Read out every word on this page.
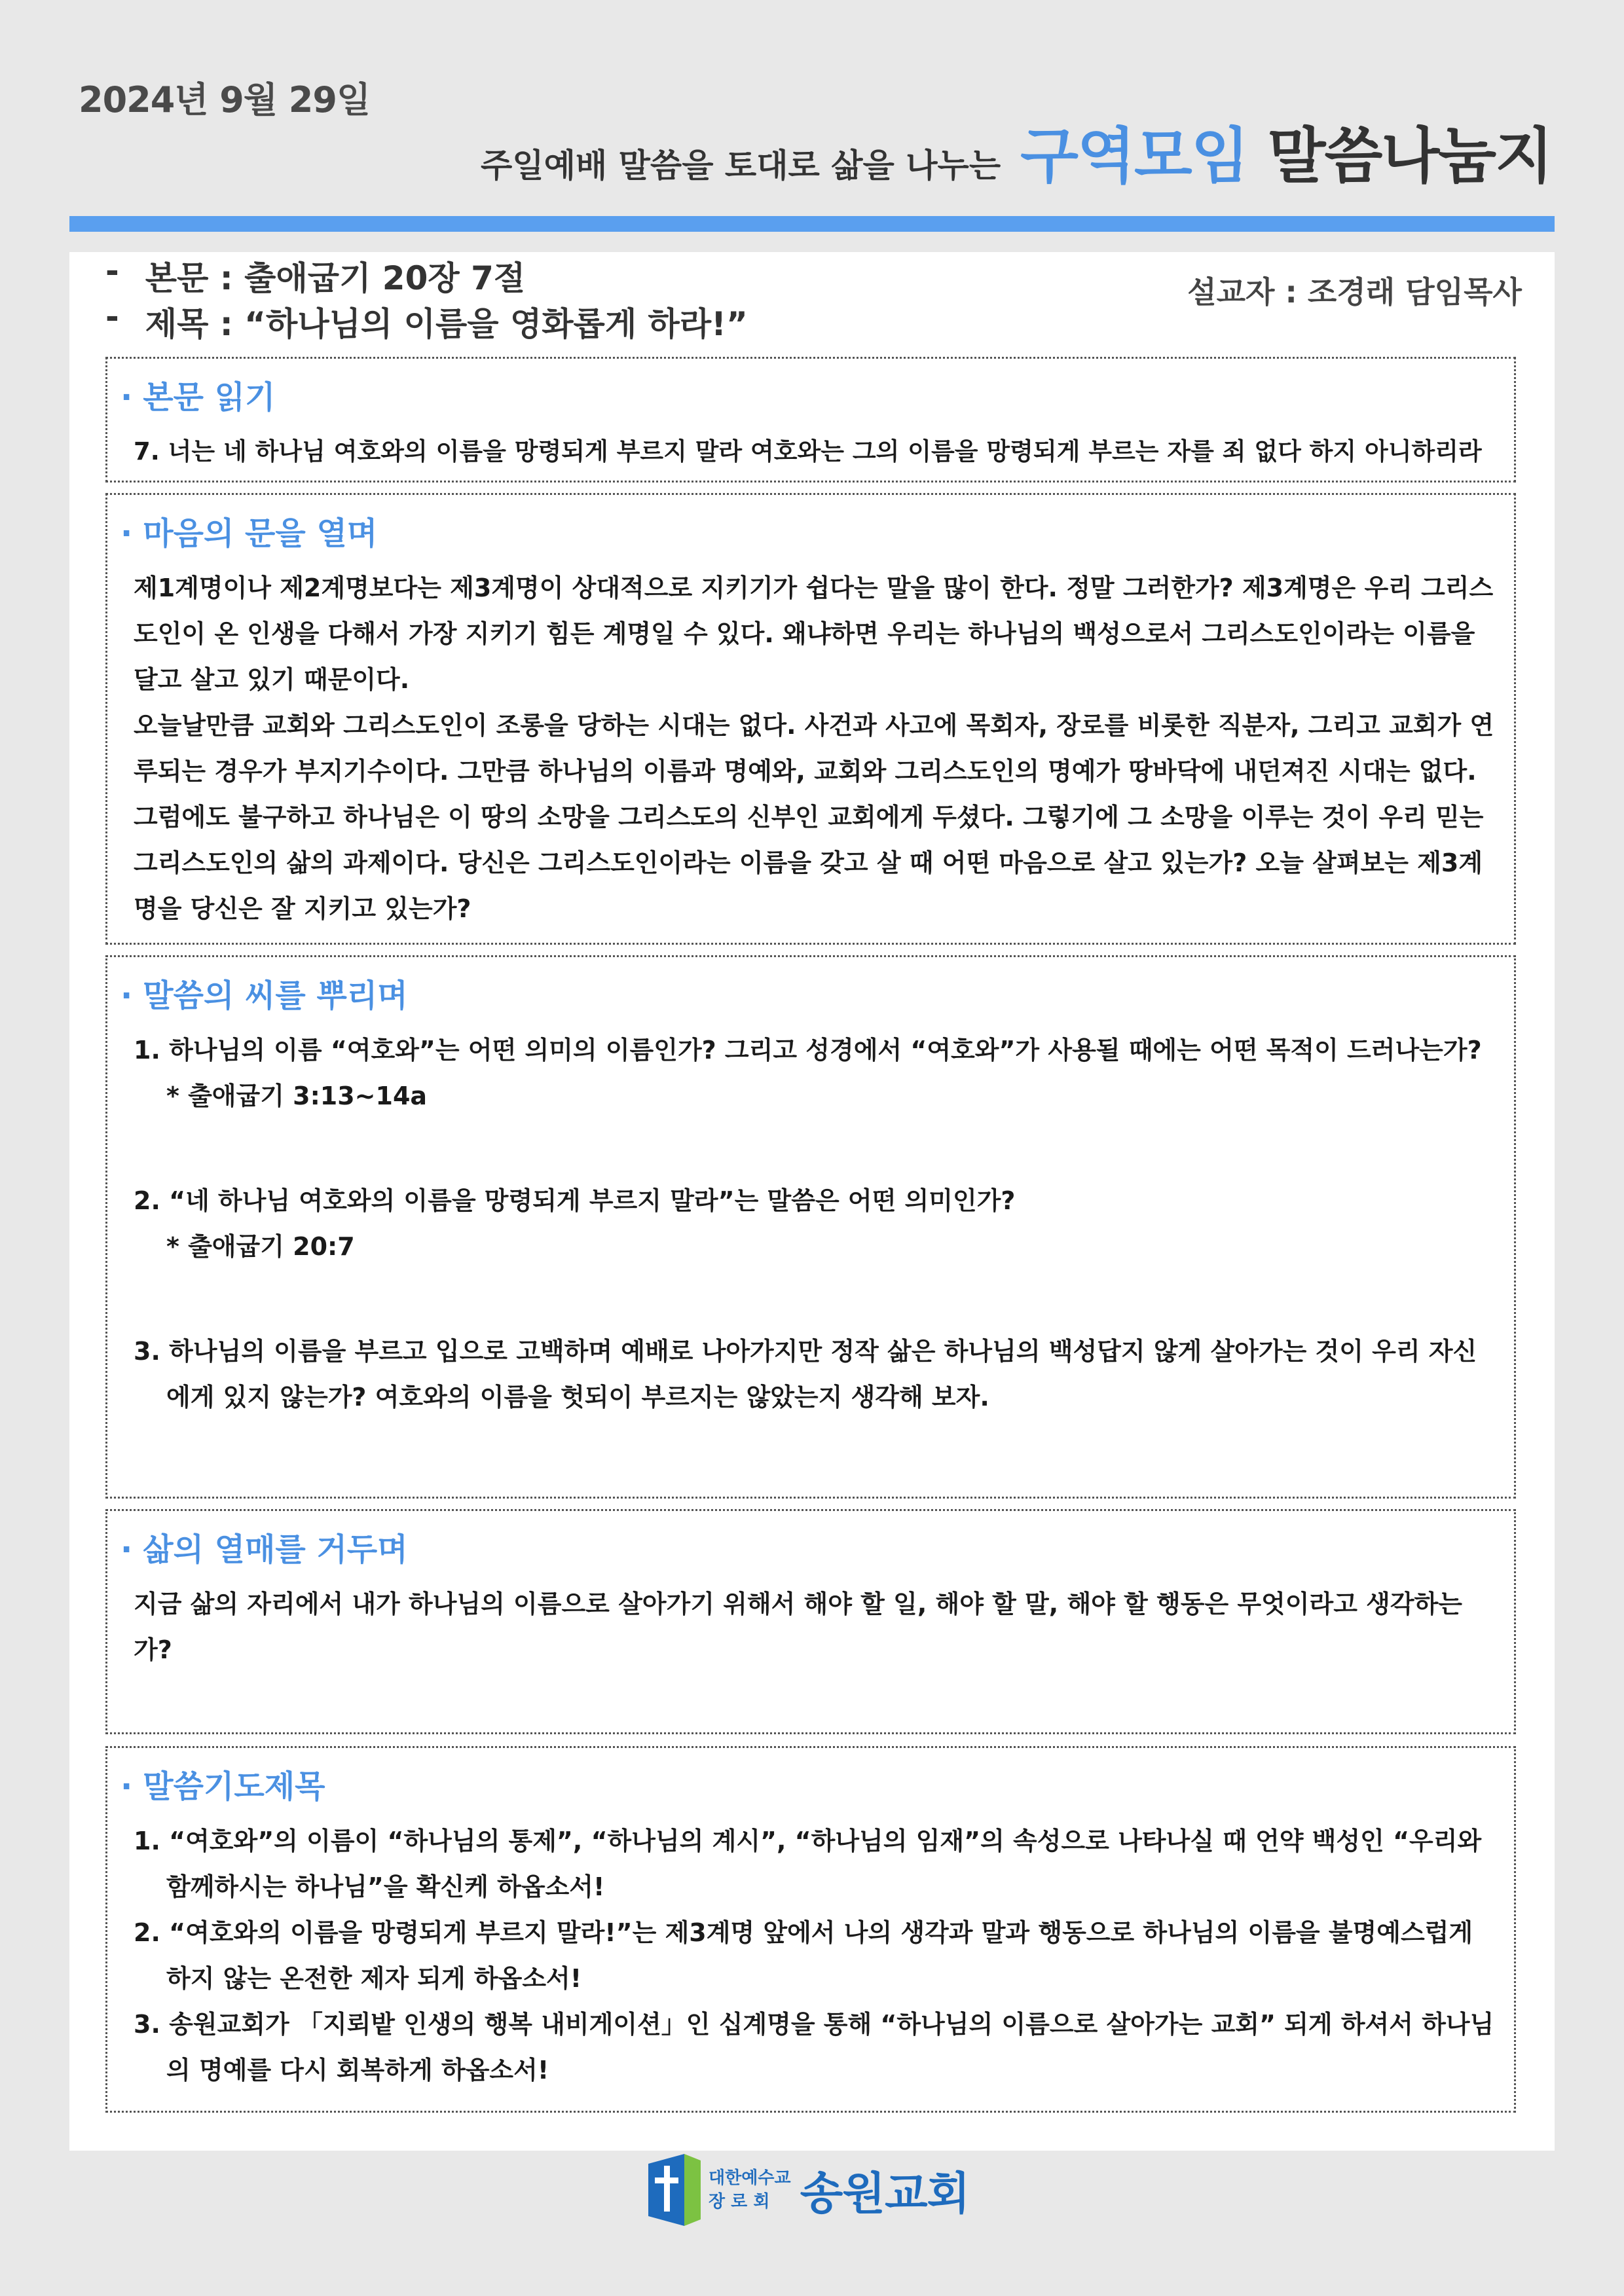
2024년 9월 29일
주일예배 말씀을 토대로 삶을 나누는 구역모임 말씀나눔지
- 본문 : 출애굽기 20장 7절
- 제목 : “하나님의 이름을 영화롭게 하라!”
설교자 : 조경래 담임목사
· 본문 읽기
7. 너는 네 하나님 여호와의 이름을 망령되게 부르지 말라 여호와는 그의 이름을 망령되게 부르는 자를 죄 없다 하지 아니하리라
· 마음의 문을 열며

제1계명이나 제2계명보다는 제3계명이 상대적으로 지키기가 쉽다는 말을 많이 한다. 정말 그러한가? 제3계명은 우리 그리스도인이 온 인생을 다해서 가장 지키기 힘든 계명일 수 있다. 왜냐하면 우리는 하나님의 백성으로서 그리스도인이라는 이름을 달고 살고 있기 때문이다.

오늘날만큼 교회와 그리스도인이 조롱을 당하는 시대는 없다. 사건과 사고에 목회자, 장로를 비롯한 직분자, 그리고 교회가 연루되는 경우가 부지기수이다. 그만큼 하나님의 이름과 명예와, 교회와 그리스도인의 명예가 땅바닥에 내던져진 시대는 없다. 그럼에도 불구하고 하나님은 이 땅의 소망을 그리스도의 신부인 교회에게 두셨다. 그렇기에 그 소망을 이루는 것이 우리 믿는 그리스도인의 삶의 과제이다. 당신은 그리스도인이라는 이름을 갖고 살 때 어떤 마음으로 살고 있는가? 오늘 살펴보는 제3계명을 당신은 잘 지키고 있는가?

· 말씀의 씨를 뿌리며
1. 하나님의 이름 “여호와”는 어떤 의미의 이름인가? 그리고 성경에서 “여호와”가 사용될 때에는 어떤 목적이 드러나는가?
* 출애굽기 3:13~14a
2. “네 하나님 여호와의 이름을 망령되게 부르지 말라”는 말씀은 어떤 의미인가?
* 출애굽기 20:7
3. 하나님의 이름을 부르고 입으로 고백하며 예배로 나아가지만 정작 삶은 하나님의 백성답지 않게 살아가는 것이 우리 자신에게 있지 않는가? 여호와의 이름을 헛되이 부르지는 않았는지 생각해 보자.
· 삶의 열매를 거두며
지금 삶의 자리에서 내가 하나님의 이름으로 살아가기 위해서 해야 할 일, 해야 할 말, 해야 할 행동은 무엇이라고 생각하는가?
· 말씀기도제목
1. “여호와”의 이름이 “하나님의 통제”, “하나님의 계시”, “하나님의 임재”의 속성으로 나타나실 때 언약 백성인 “우리와 함께하시는 하나님”을 확신케 하옵소서!
2. “여호와의 이름을 망령되게 부르지 말라!”는 제3계명 앞에서 나의 생각과 말과 행동으로 하나님의 이름을 불명예스럽게 하지 않는 온전한 제자 되게 하옵소서!
3. 송원교회가 「지뢰밭 인생의 행복 내비게이션」인 십계명을 통해 “하나님의 이름으로 살아가는 교회” 되게 하셔서 하나님의 명예를 다시 회복하게 하옵소서!
대한예수교
장 로 회 송원교회
